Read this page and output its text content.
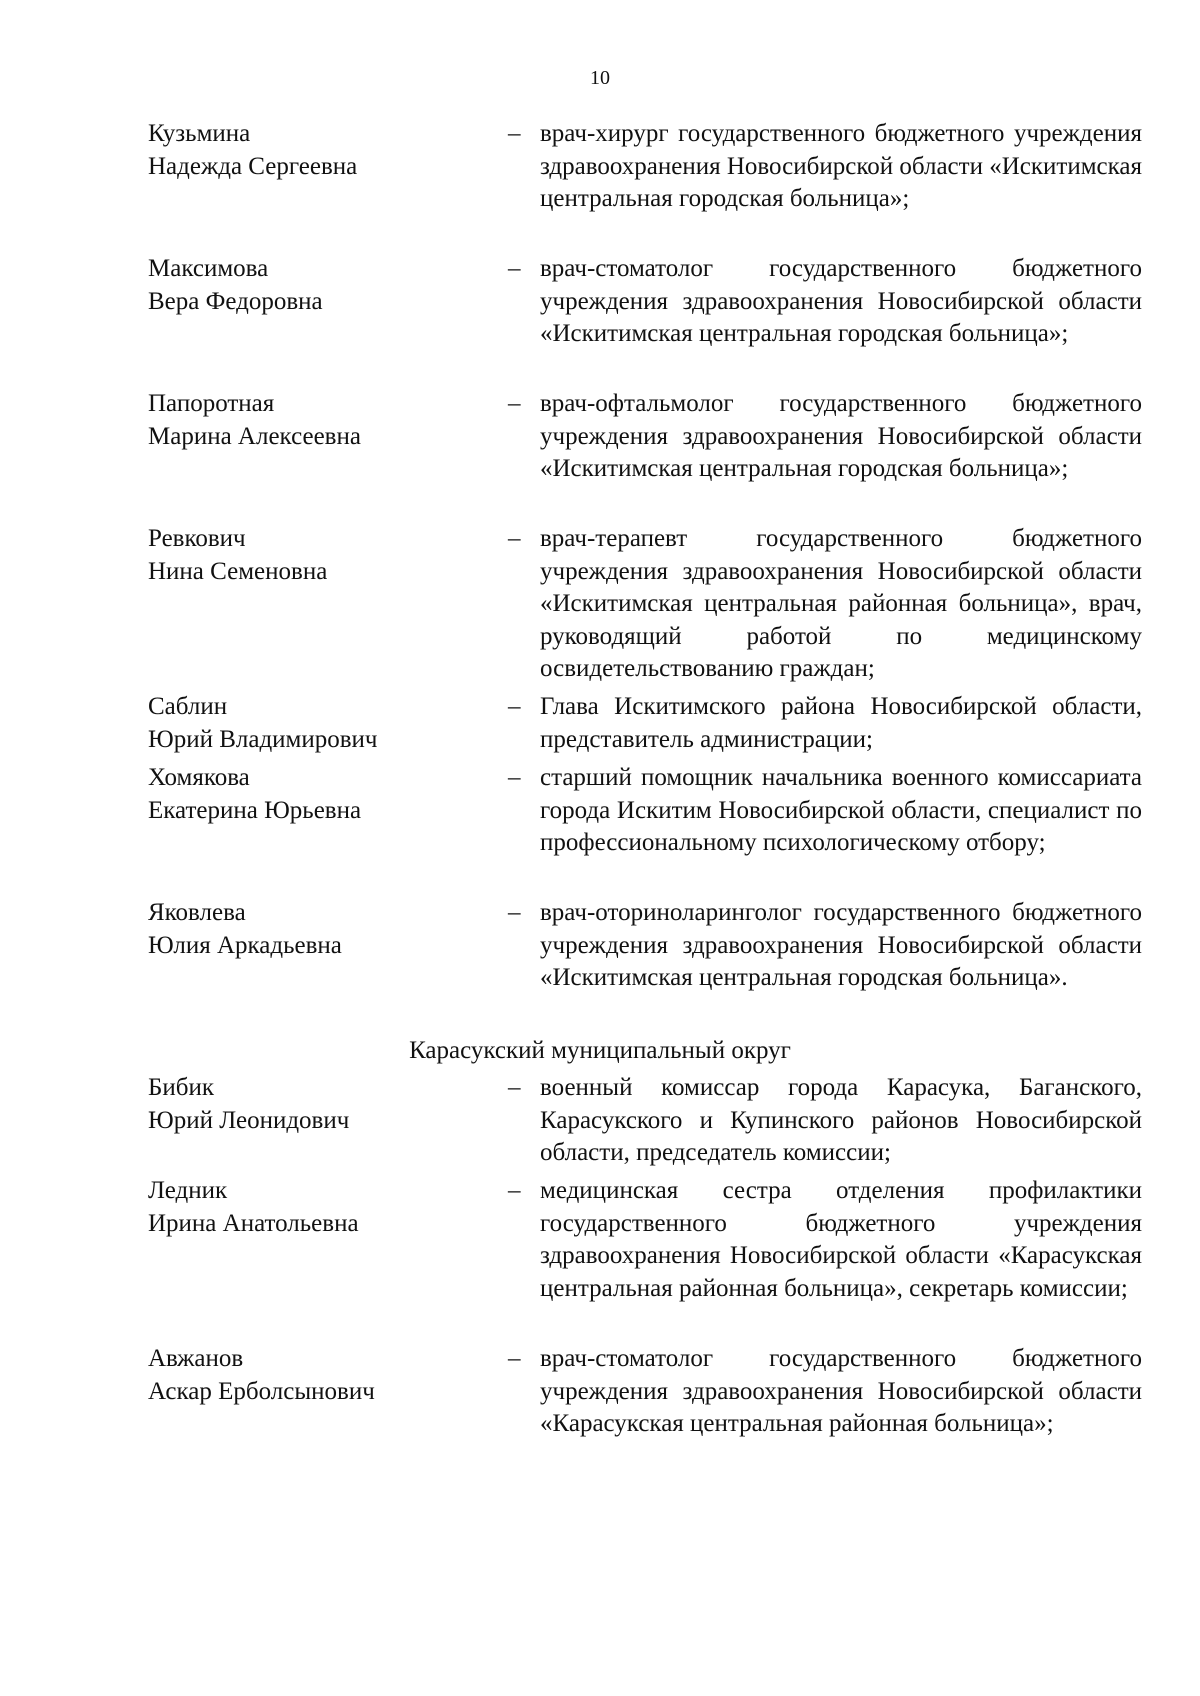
10
Кузьмина
Надежда Сергеевна
– врач-хирург государственного бюджетного учреждения здравоохранения Новосибирской области «Искитимская центральная городская больница»;
Максимова
Вера Федоровна
– врач-стоматолог государственного бюджетного учреждения здравоохранения Новосибирской области «Искитимская центральная городская больница»;
Папоротная
Марина Алексеевна
– врач-офтальмолог государственного бюджетного учреждения здравоохранения Новосибирской области «Искитимская центральная городская больница»;
Ревкович
Нина Семеновна
– врач-терапевт государственного бюджетного учреждения здравоохранения Новосибирской области «Искитимская центральная районная больница», врач, руководящий работой по медицинскому освидетельствованию граждан;
Саблин
Юрий Владимирович
– Глава Искитимского района Новосибирской области, представитель администрации;
Хомякова
Екатерина Юрьевна
– старший помощник начальника военного комиссариата города Искитим Новосибирской области, специалист по профессиональному психологическому отбору;
Яковлева
Юлия Аркадьевна
– врач-оториноларинголог государственного бюджетного учреждения здравоохранения Новосибирской области «Искитимская центральная городская больница».
Карасукский муниципальный округ
Бибик
Юрий Леонидович
– военный комиссар города Карасука, Баганского, Карасукского и Купинского районов Новосибирской области, председатель комиссии;
Ледник
Ирина Анатольевна
– медицинская сестра отделения профилактики государственного бюджетного учреждения здравоохранения Новосибирской области «Карасукская центральная районная больница», секретарь комиссии;
Авжанов
Аскар Ерболсынович
– врач-стоматолог государственного бюджетного учреждения здравоохранения Новосибирской области «Карасукская центральная районная больница»;
